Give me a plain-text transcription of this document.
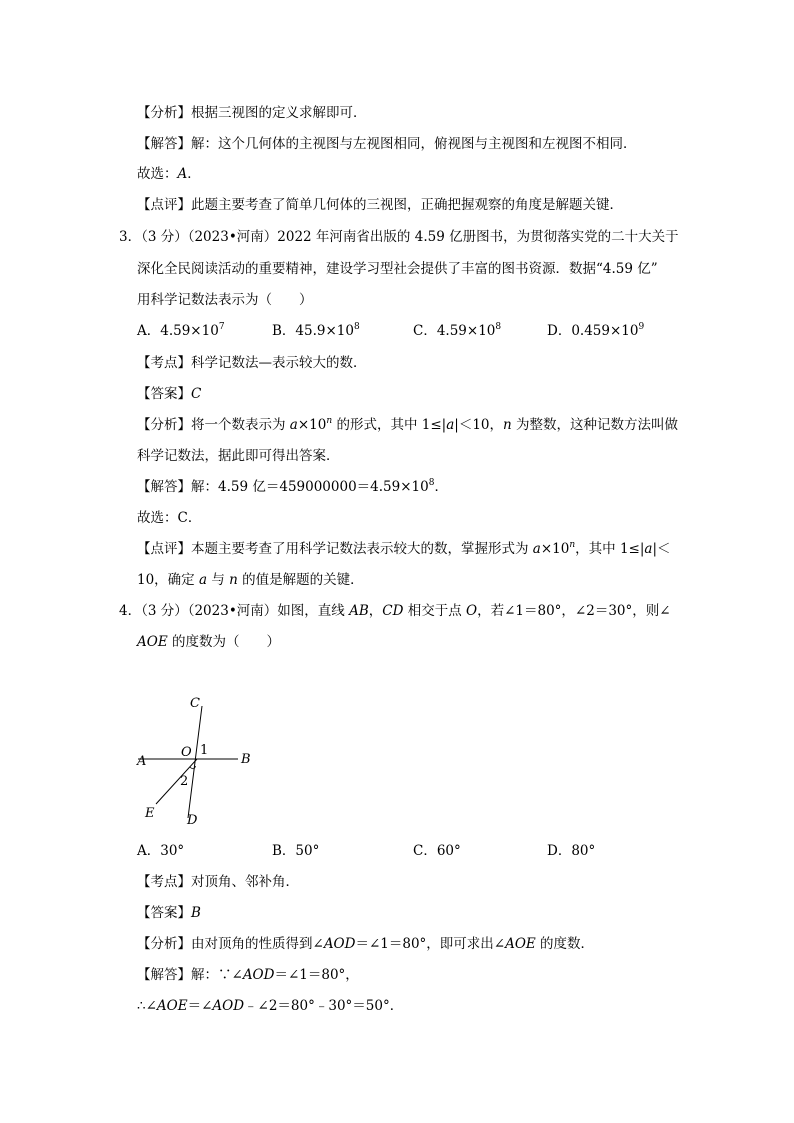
【分析】根据三视图的定义求解即可．
【解答】解：这个几何体的主视图与左视图相同，俯视图与主视图和左视图不相同．
故选：A．
【点评】此题主要考查了简单几何体的三视图，正确把握观察的角度是解题关键．
3．（3 分）（2023•河南）2022 年河南省出版的 4.59 亿册图书，为贯彻落实党的二十大关于
深化全民阅读活动的重要精神，建设学习型社会提供了丰富的图书资源．数据“4.59 亿”
用科学记数法表示为（　　）
A．$4.59\times 10^7$	B．$45.9\times 10^8$	C．$4.59\times 10^8$	D．$0.459\times 10^9$
【考点】科学记数法—表示较大的数．
【答案】C
【分析】将一个数表示为 $a\times 10^n$ 的形式，其中 1≤|a|＜10，n 为整数，这种记数方法叫做
科学记数法，据此即可得出答案．
【解答】解：4.59 亿$=459000000=4.59\times 10^8$．
故选：C．
【点评】本题主要考查了用科学记数法表示较大的数，掌握形式为 $a\times 10^n$，其中 1≤|a|＜
10，确定 a 与 n 的值是解题的关键．
4．（3 分）（2023•河南）如图，直线 AB，CD 相交于点 O，若∠1＝80°，∠2＝30°，则∠
AOE 的度数为（　　）
C
O 1
A	B
2
E	D
A．30°	B．50°	C．60°	D．80°
【考点】对顶角、邻补角．
【答案】B
【分析】由对顶角的性质得到∠AOD＝∠1＝80°，即可求出∠AOE 的度数．
【解答】解：∵∠AOD＝∠1＝80°，
∴∠AOE＝∠AOD﹣∠2＝80°﹣30°＝50°．
